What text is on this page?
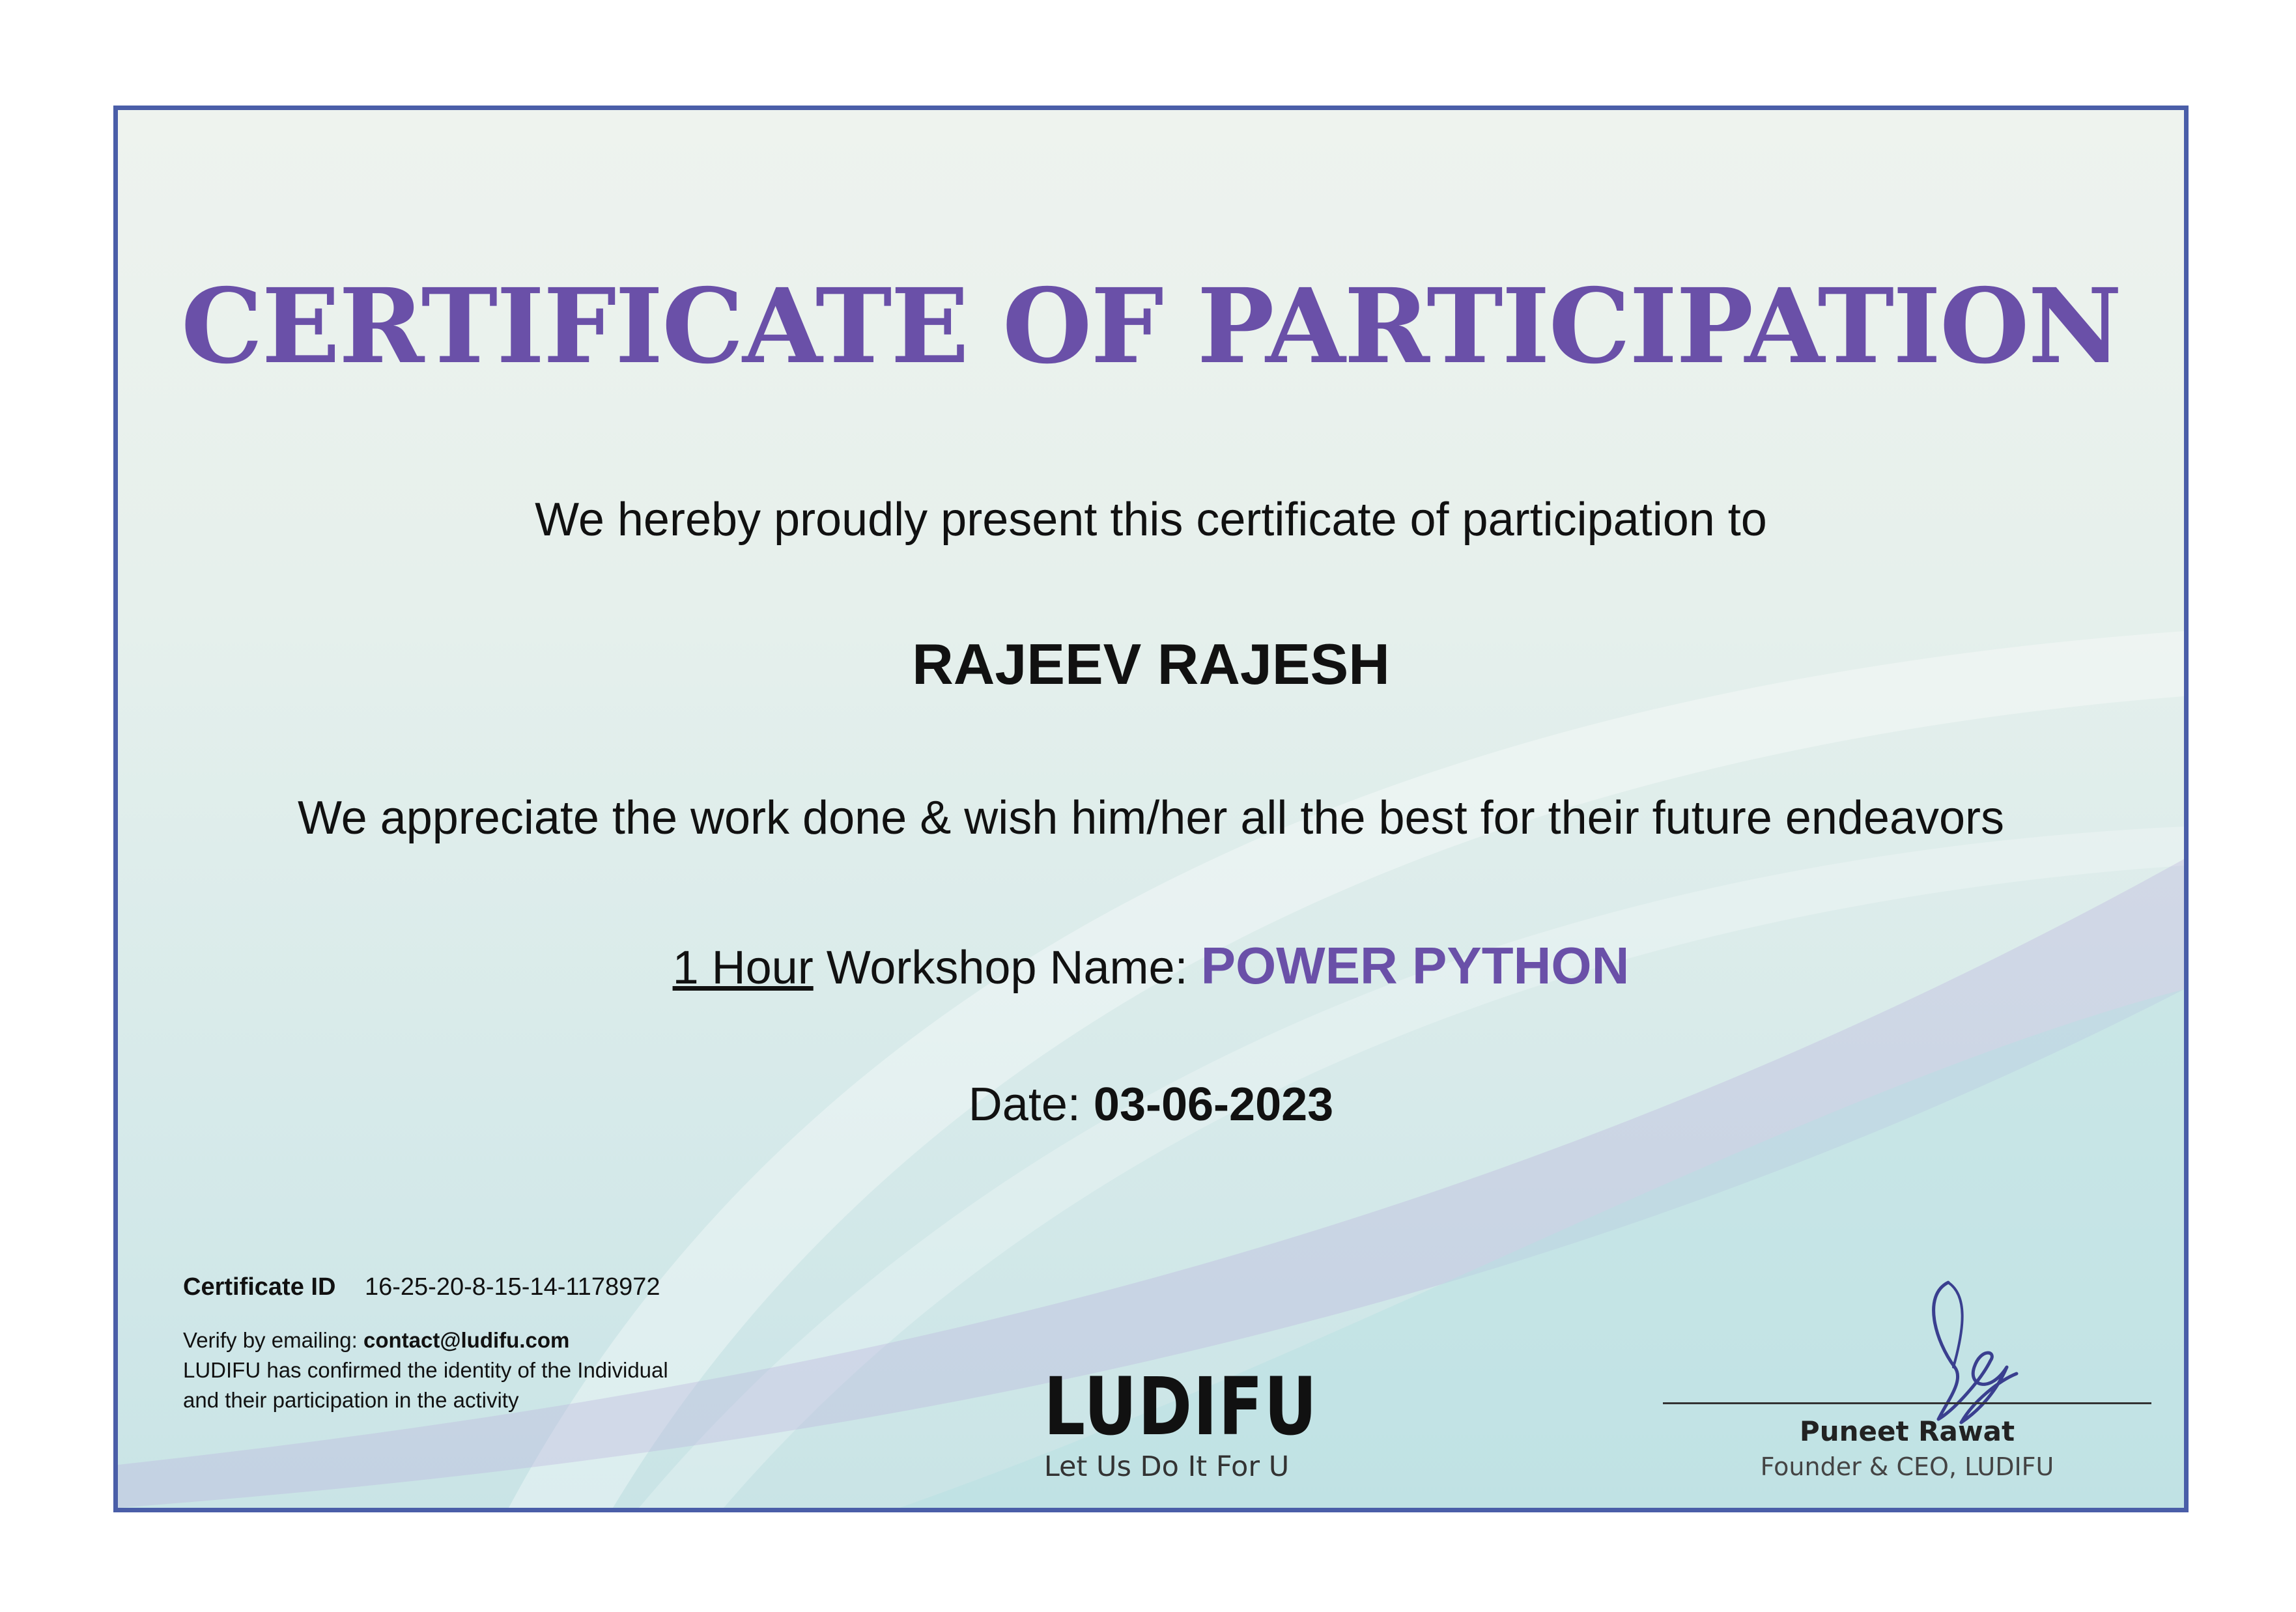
CERTIFICATE OF PARTICIPATION
We hereby proudly present this certificate of participation to
RAJEEV RAJESH
We appreciate the work done & wish him/her all the best for their future endeavors
1 Hour Workshop Name: POWER PYTHON
Date: 03-06-2023
Certificate ID 16-25-20-8-15-14-1178972
Verify by emailing: contact@ludifu.com
LUDIFU has confirmed the identity of the Individual and their participation in the activity	LUDIFU
Let Us Do It For U
Puneet Rawat
Founder & CEO, LUDIFU
